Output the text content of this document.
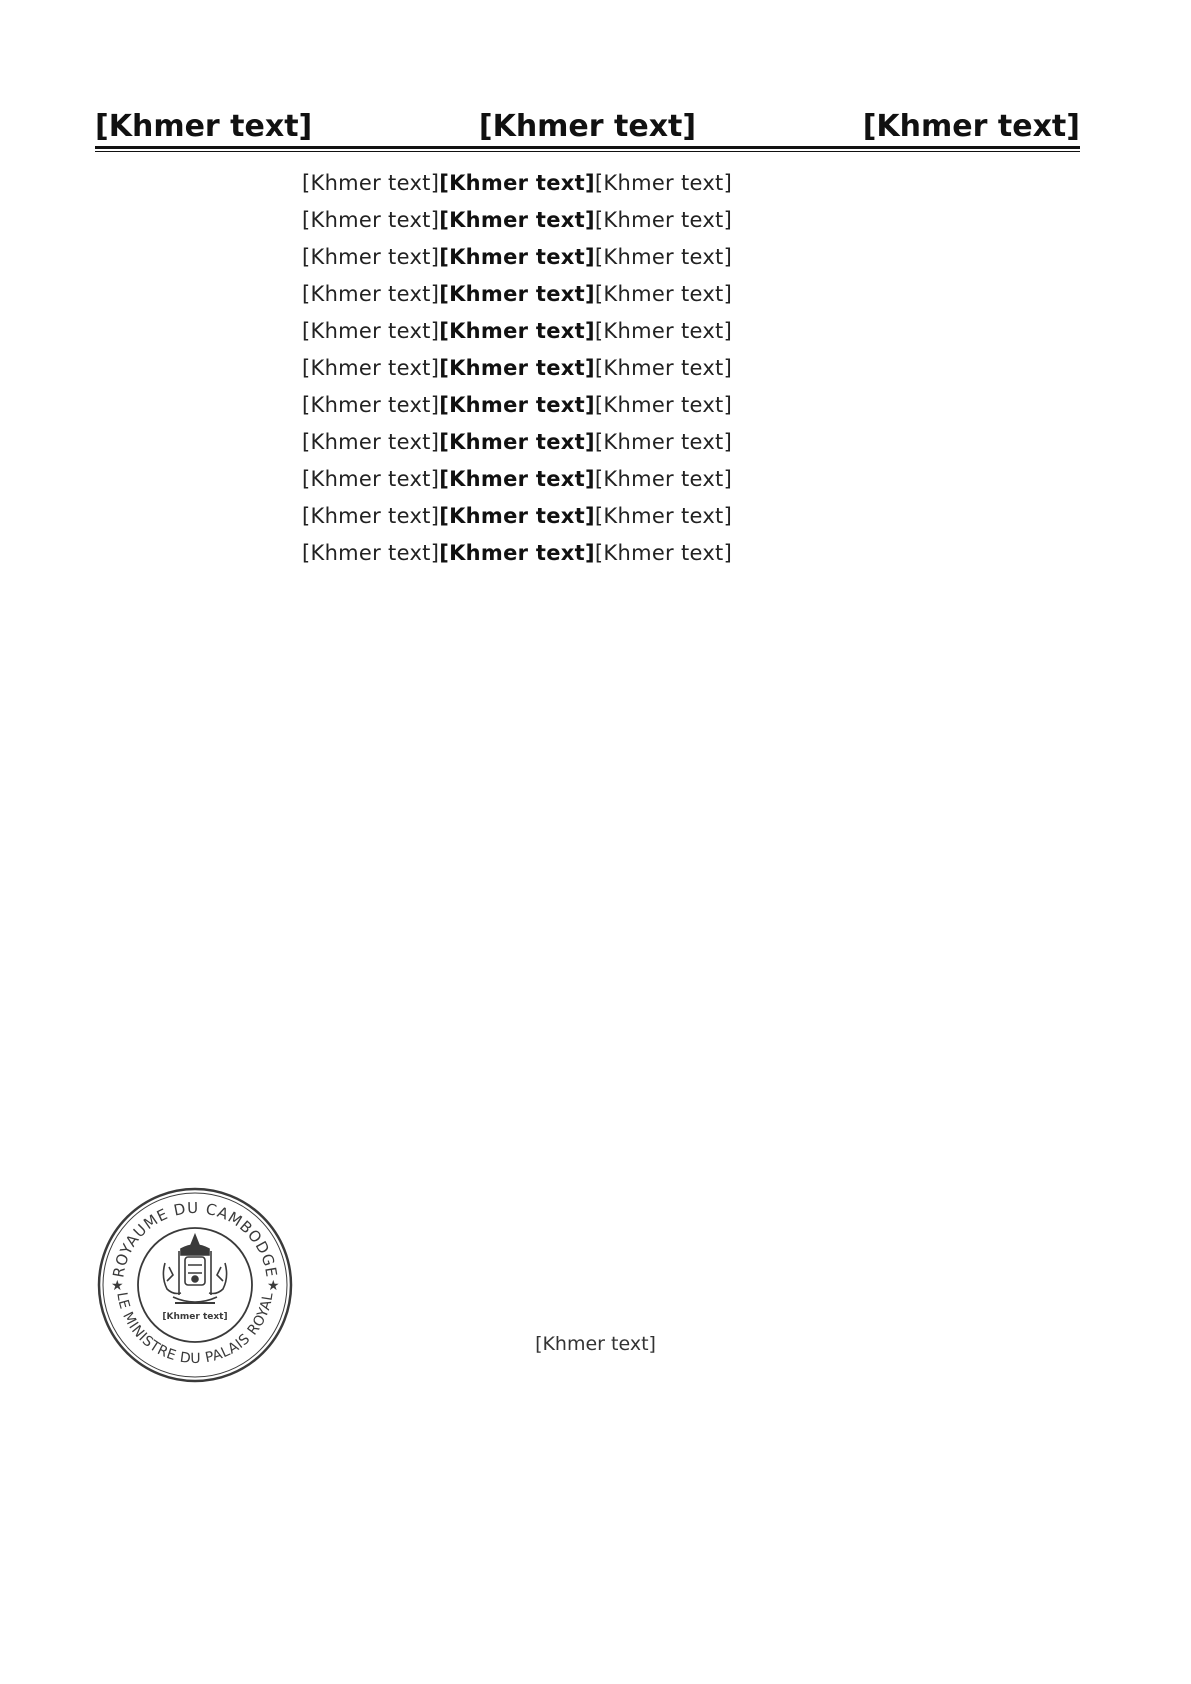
[Khmer text]	[Khmer text]	[Khmer text]

[Khmer text][Khmer text][Khmer text]

[Khmer text][Khmer text][Khmer text]

[Khmer text][Khmer text][Khmer text]

[Khmer text][Khmer text][Khmer text]

[Khmer text][Khmer text][Khmer text]

[Khmer text][Khmer text][Khmer text]

[Khmer text][Khmer text][Khmer text]

[Khmer text][Khmer text][Khmer text]

[Khmer text][Khmer text][Khmer text]

[Khmer text][Khmer text][Khmer text]

[Khmer text][Khmer text][Khmer text]

[Khmer text]
ROYAUME DU CAMBODGE
LE MINISTRE DU PALAIS ROYAL
★	★
[Khmer text]
